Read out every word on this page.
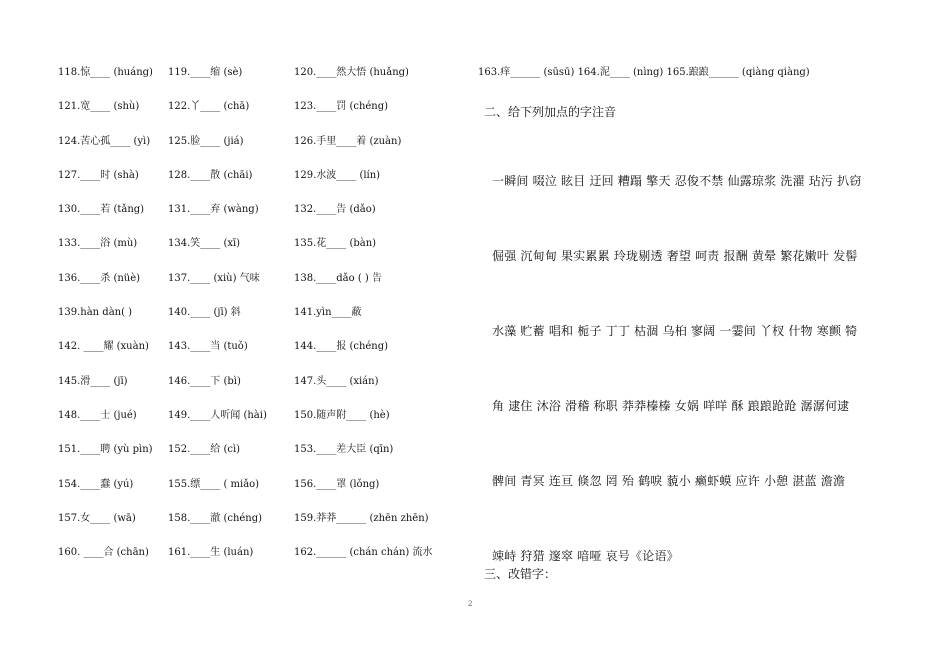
118.惊____ (huáng) 119.____缩 (sè)	120.____然大悟 (huǎng)
121.宽____ (shù)	122.丫____ (chā)	123.____罚 (chéng)
124.苦心孤____ (yì) 125.脸____ (jiá)	126.手里____着 (zuàn)
127.____时 (shà)	128.____散 (chāi)	129.水波____ (lín)
130.____若 (tǎng) 131.____弃 (wàng)	132.____告 (dǎo)
133.____浴 (mù)	134.笑____ (xī)	135.花____ (bàn)
136.____杀 (nüè)	137.____ (xiù) 气味	138.____dǎo ( ) 告
139.hàn dàn( )	140.____ (jī) 斜	141.yìn____蔽
142. ____耀 (xuàn) 143.____当 (tuǒ)	144.____报 (chéng)
145.滑____ (jī)	146.____下 (bì)	147.头____ (xián)
148.____士 (jué)	149.____人听闻 (hài)	150.随声附____ (hè)
151.____聘 (yù pìn) 152.____给 (cì)	153.____差大臣 (qīn)
154.____蠢 (yú)	155.缥____ ( miǎo)	156.____罩 (lǒng)
157.女____ (wā)	158.____澈 (chéng)	159.莽莽______ (zhēn zhēn)
160. ____合 (chān) 161.____生 (luán)	162.______ (chán chán) 流水
163.痒______ (sūsū) 164.泥____ (nìng) 165.踉踉______ (qiàng qiàng)
二、给下列加点的字注音
一瞬间 啜泣 眩目 迂回 糟蹋 擎天 忍俊不禁 仙露琼浆 洗濯 玷污 扒窃
倔强 沉甸甸 果实累累 玲珑剔透 奢望 呵责 报酬 黄晕 繁花嫩叶 发髻
水藻 贮蓄 唱和 栀子 丁丁 枯涸 乌桕 寥阔 一霎间 丫杈 什物 寒颤 犄
角 逮住 沐浴 滑稽 称职 莽莽榛榛 女娲 咩咩 酥 踉踉跄跄 潺潺何逮
髀间 青冥 连亘 倏忽 罔 殆 鹤唳 藐小 癞虾蟆 应许 小憩 湛蓝 澹澹
竦峙 狩猎 邃窣 喑哑 哀号《论语》
三、改错字：
2
